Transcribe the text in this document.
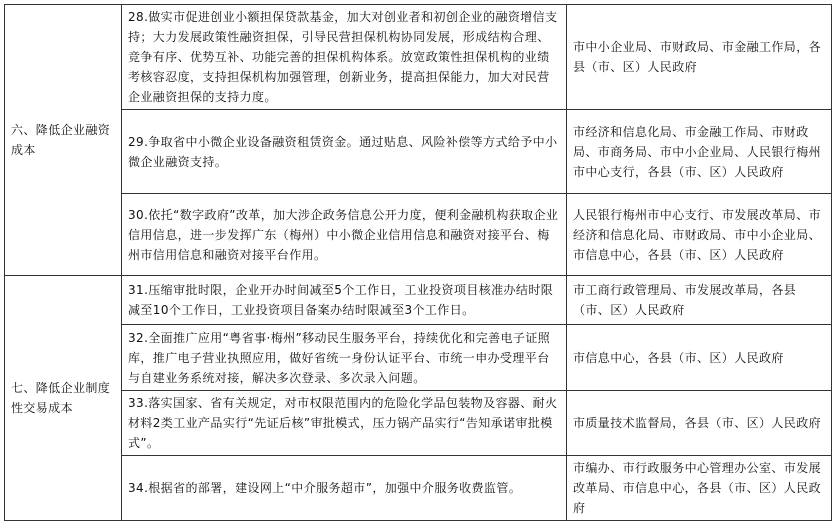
六、降低企业融资成本	28.做实市促进创业小额担保贷款基金，加大对创业者和初创企业的融资增信支持；大力发展政策性融资担保，引导民营担保机构协同发展，形成结构合理、竞争有序、优势互补、功能完善的担保机构体系。放宽政策性担保机构的业绩考核容忍度，支持担保机构加强管理，创新业务，提高担保能力，加大对民营企业融资担保的支持力度。	市中小企业局、市财政局、市金融工作局，各县（市、区）人民政府
	29.争取省中小微企业设备融资租赁资金。通过贴息、风险补偿等方式给予中小微企业融资支持。	市经济和信息化局、市金融工作局、市财政局、市商务局、市中小企业局、人民银行梅州市中心支行，各县（市、区）人民政府
	30.依托“数字政府”改革，加大涉企政务信息公开力度，便利金融机构获取企业信用信息，进一步发挥广东（梅州）中小微企业信用信息和融资对接平台、梅州市信用信息和融资对接平台作用。	人民银行梅州市中心支行、市发展改革局、市经济和信息化局、市财政局、市中小企业局、市信息中心，各县（市、区）人民政府
七、降低企业制度性交易成本	31.压缩审批时限，企业开办时间减至5个工作日，工业投资项目核准办结时限减至10个工作日，工业投资项目备案办结时限减至3个工作日。	市工商行政管理局、市发展改革局，各县（市、区）人民政府
	32.全面推广应用“粤省事·梅州”移动民生服务平台，持续优化和完善电子证照库，推广电子营业执照应用，做好省统一身份认证平台、市统一申办受理平台与自建业务系统对接，解决多次登录、多次录入问题。	市信息中心，各县（市、区）人民政府
	33.落实国家、省有关规定，对市权限范围内的危险化学品包装物及容器、耐火材料2类工业产品实行“先证后核”审批模式，压力锅产品实行“告知承诺审批模式”。	市质量技术监督局，各县（市、区）人民政府
	34.根据省的部署，建设网上“中介服务超市”，加强中介服务收费监管。	市编办、市行政服务中心管理办公室、市发展改革局、市信息中心，各县（市、区）人民政府
